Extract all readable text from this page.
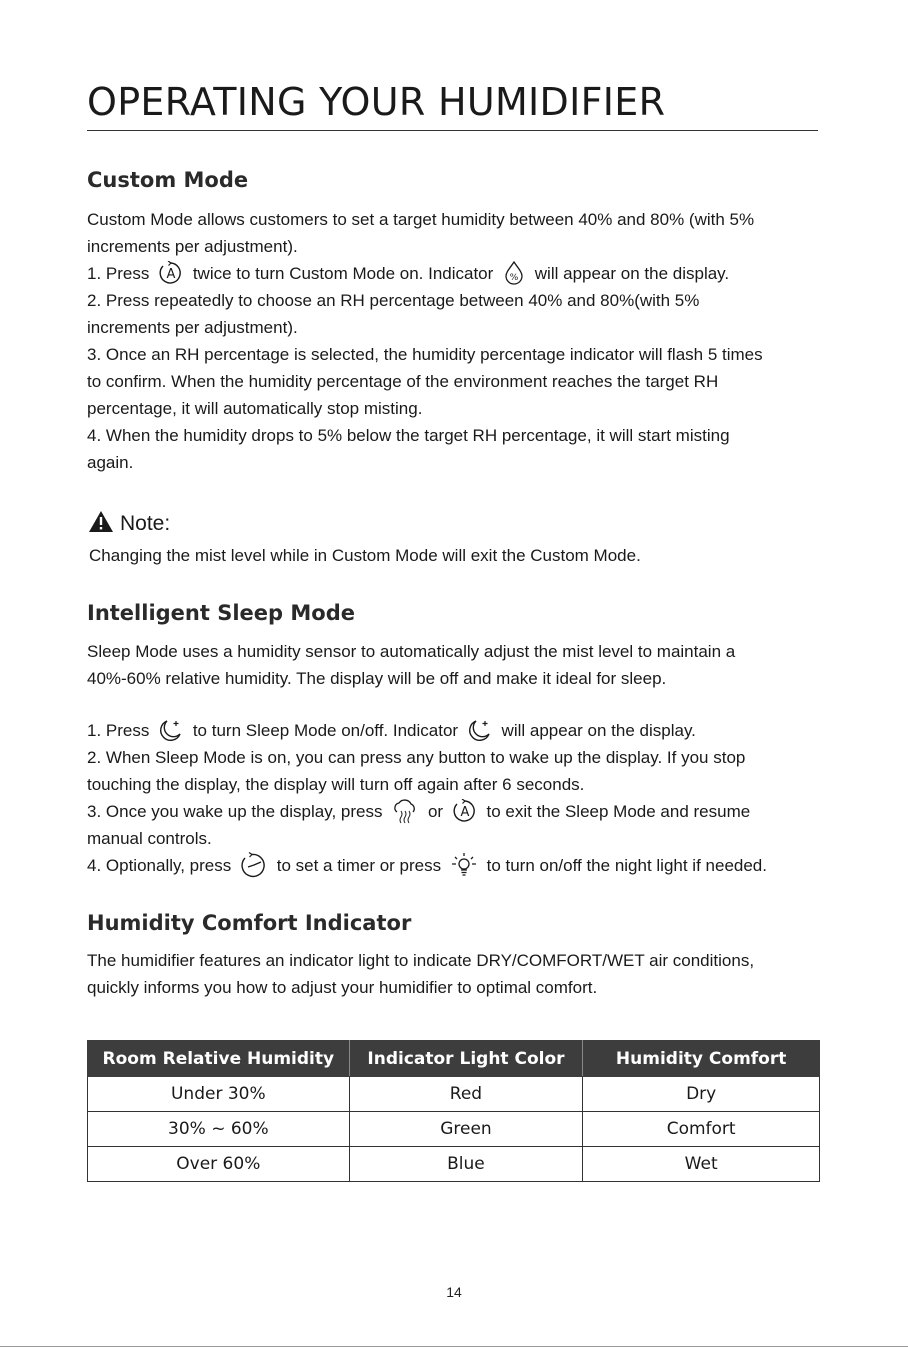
OPERATING YOUR HUMIDIFIER
Custom Mode

Custom Mode allows customers to set a target humidity between 40% and 80% (with 5%

increments per adjustment).

1. Press A twice to turn Custom Mode on. Indicator % will appear on the display.

2. Press repeatedly to choose an RH percentage between 40% and 80%(with 5%

increments per adjustment).

3. Once an RH percentage is selected, the humidity percentage indicator will flash 5 times

to confirm. When the humidity percentage of the environment reaches the target RH

percentage, it will automatically stop misting.

4. When the humidity drops to 5% below the target RH percentage, it will start misting

again.

Note:
Changing the mist level while in Custom Mode will exit the Custom Mode.
Intelligent Sleep Mode

Sleep Mode uses a humidity sensor to automatically adjust the mist level to maintain a

40%-60% relative humidity. The display will be off and make it ideal for sleep.

1. Press	to turn Sleep Mode on/off. Indicator	will appear on the display.

2. When Sleep Mode is on, you can press any button to wake up the display. If you stop

touching the display, the display will turn off again after 6 seconds.

3. Once you wake up the display, press	or A to exit the Sleep Mode and resume

manual controls.

4. Optionally, press	to set a timer or press	to turn on/off the night light if needed.

Humidity Comfort Indicator

The humidifier features an indicator light to indicate DRY/COMFORT/WET air conditions,

quickly informs you how to adjust your humidifier to optimal comfort.

Room Relative Humidity	Indicator Light Color	Humidity Comfort
Under 30%	Red	Dry
30% ~ 60%	Green	Comfort
Over 60%	Blue	Wet
14
